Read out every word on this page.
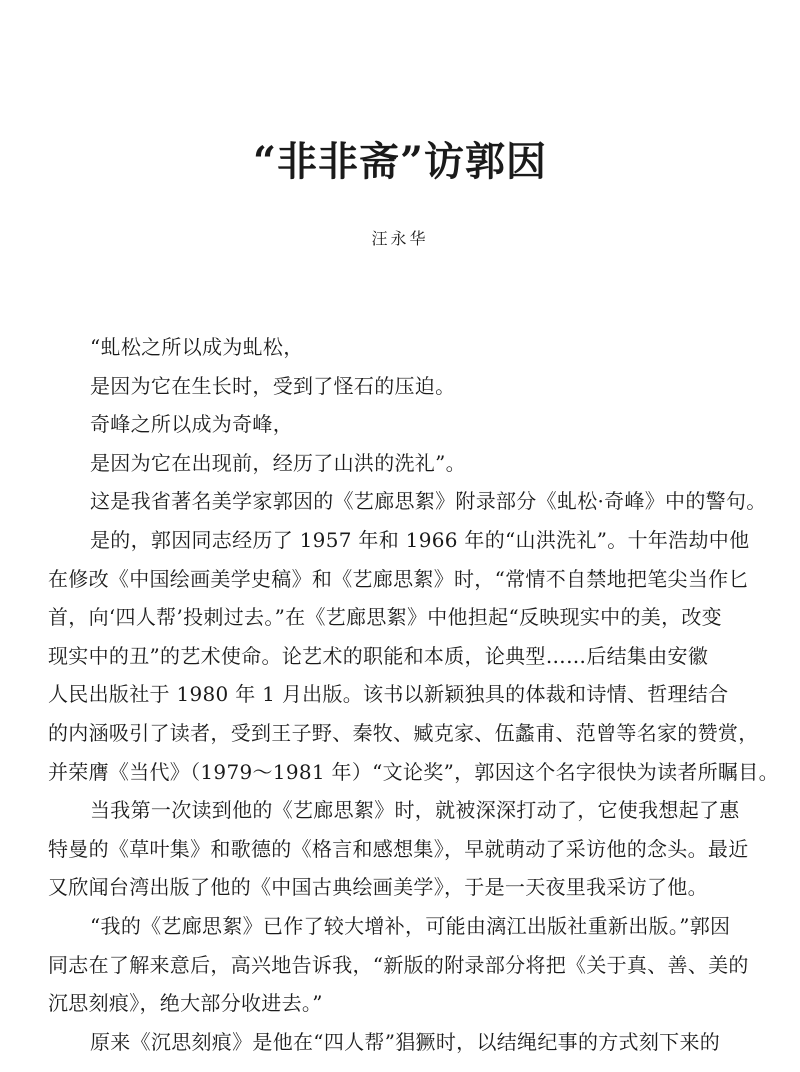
“非非斋”访郭因
汪永华
“虬松之所以成为虬松，
是因为它在生长时，受到了怪石的压迫。
奇峰之所以成为奇峰，
是因为它在出现前，经历了山洪的洗礼”。
这是我省著名美学家郭因的《艺廊思絮》附录部分《虬松·奇峰》中的警句。
是的，郭因同志经历了 1957 年和 1966 年的“山洪洗礼”。十年浩劫中他
在修改《中国绘画美学史稿》和《艺廊思絮》时，“常情不自禁地把笔尖当作匕
首，向‘四人帮’投刺过去。”在《艺廊思絮》中他担起“反映现实中的美，改变
现实中的丑”的艺术使命。论艺术的职能和本质，论典型……后结集由安徽
人民出版社于 1980 年 1 月出版。该书以新颖独具的体裁和诗情、哲理结合
的内涵吸引了读者，受到王子野、秦牧、臧克家、伍蠡甫、范曾等名家的赞赏，
并荣膺《当代》（1979～1981 年）“文论奖”，郭因这个名字很快为读者所瞩目。
当我第一次读到他的《艺廊思絮》时，就被深深打动了，它使我想起了惠
特曼的《草叶集》和歌德的《格言和感想集》，早就萌动了采访他的念头。最近
又欣闻台湾出版了他的《中国古典绘画美学》，于是一天夜里我采访了他。
“我的《艺廊思絮》已作了较大增补，可能由漓江出版社重新出版。”郭因
同志在了解来意后，高兴地告诉我，“新版的附录部分将把《关于真、善、美的
沉思刻痕》，绝大部分收进去。”
原来《沉思刻痕》是他在“四人帮”猖獗时，以结绳纪事的方式刻下来的
